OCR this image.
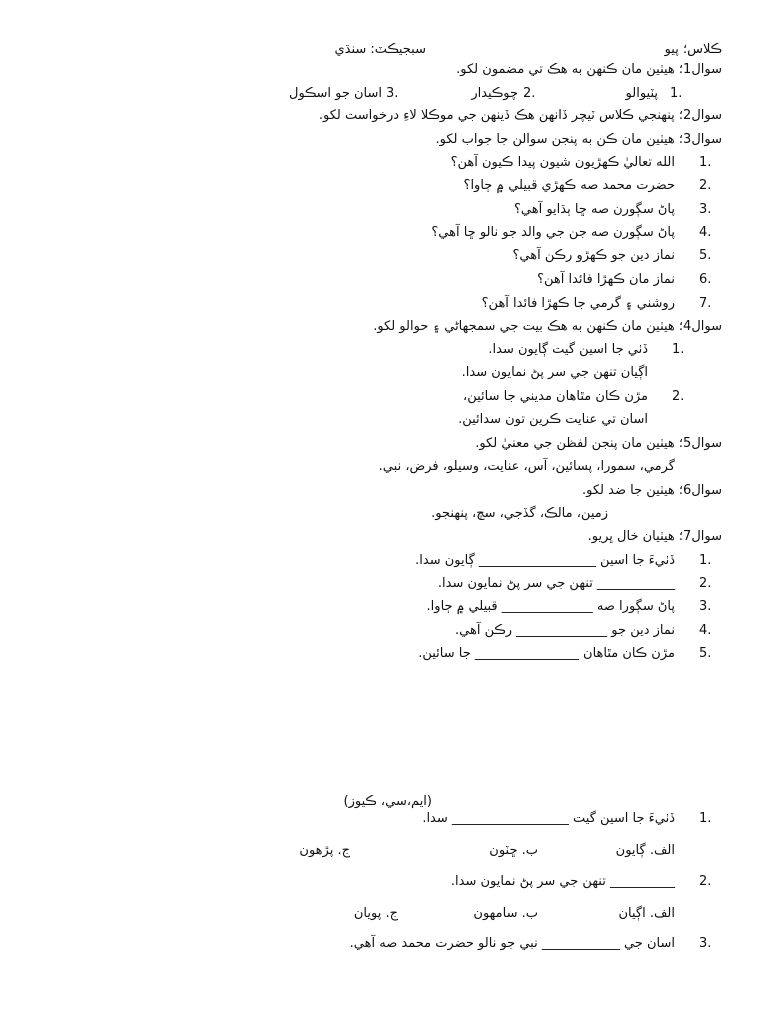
ڪلاس؛ پيو
سبجيڪٽ: سنڌي
سوال1؛ هيٺين مان ڪنهن به هڪ تي مضمون لکو.
1.
پٽيوالو
2.
چوڪيدار
3.
اسان جو اسڪول
سوال2؛ پنهنجي ڪلاس ٽيچر ڏانهن هڪ ڏينهن جي موڪلا لاءِ درخواست لکو.
سوال3؛ هيٺين مان ڪن به پنجن سوالن جا جواب لکو.
1.
الله تعاليٰ ڪهڙيون شيون پيدا ڪيون آهن؟
2.
حضرت محمد صه ڪهڙي قبيلي ۾ ڄاوا؟
3.
پاڻ سڳورن صه ڇا ٻڌايو آهي؟
4.
پاڻ سڳورن صه جن جي والد جو نالو ڇا آهي؟
5.
نماز دين جو ڪهڙو رڪن آهي؟
6.
نماز مان ڪهڙا فائدا آهن؟
7.
روشني ۽ گرمي جا ڪهڙا فائدا آهن؟
سوال4؛ هيٺين مان ڪنهن به هڪ بيت جي سمجهاڻي ۽ حوالو لکو.
1.
ڏٺي جا اسين گيت ڳايون سدا.
اڳيان تنهن جي سر پڻ نمايون سدا.
2.
مڙن ڪان مٿاهان مديني جا سائين،
اسان تي عنايت ڪرين تون سدائين.
سوال5؛ هيٺين مان پنجن لفظن جي معنيٰ لکو.
گرمي، سمورا، پسائين، آس، عنايت، وسيلو، فرض، نبي.
سوال6؛ هيٺين جا ضد لکو.
زمين، مالڪ، گڏجي، سچ، پنهنجو.
سوال7؛ هيٺيان خال ڀريو.
1.
ڏٺيءَ جا اسين __________________ ڳايون سدا.
2.
____________ تنهن جي سر پڻ نمايون سدا.
3.
پاڻ سڳورا صه ______________ قبيلي ۾ ڄاوا.
4.
نماز دين جو ______________ رڪن آهي.
5.
مڙن ڪان مٿاهان ________________ جا سائين.
(ايم،سي، ڪيوز)
1.
ڏٺيءَ جا اسين گيت __________________ سدا.
الف. ڳايون
ب. ڇٽون
ج. پڙهون
2.
__________ تنهن جي سر پڻ نمايون سدا.
الف. اڳيان
ب. سامهون
ج. پويان
3.
اسان جي ____________ نبي جو نالو حضرت محمد صه آهي.
